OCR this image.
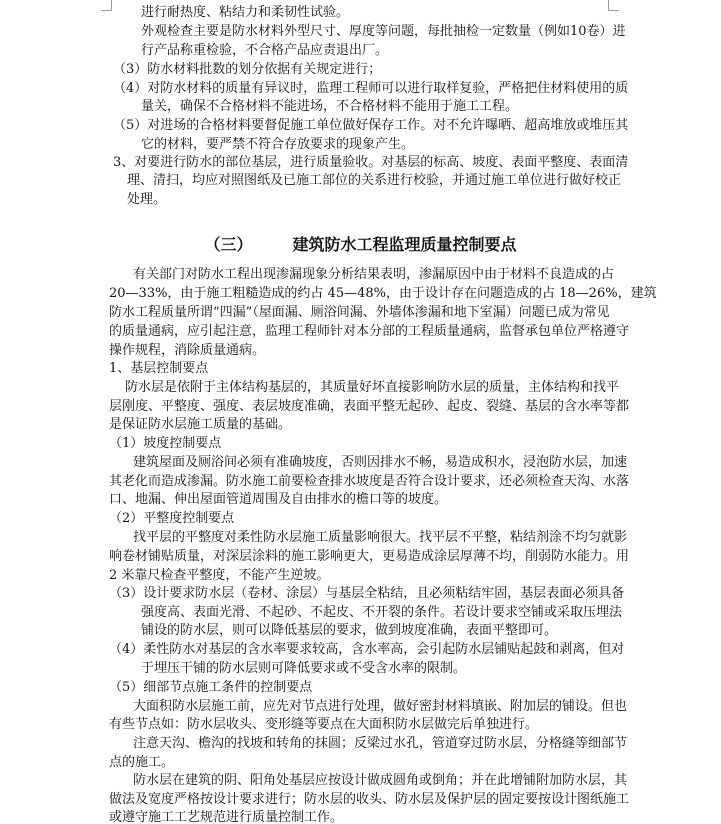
进行耐热度、粘结力和柔韧性试验。
外观检查主要是防水材料外型尺寸、厚度等问题，每批抽检一定数量（例如10卷）进
行产品称重检验，不合格产品应责退出厂。
（3）防水材料批数的划分依据有关规定进行；
（4）对防水材料的质量有异议时，监理工程师可以进行取样复验，严格把住材料使用的质
量关，确保不合格材料不能进场，不合格材料不能用于施工工程。
（5）对进场的合格材料要督促施工单位做好保存工作。对不允许曝晒、超高堆放或堆压其
它的材料，要严禁不符合存放要求的现象产生。
3、对要进行防水的部位基层，进行质量验收。对基层的标高、坡度、表面平整度、表面清
理、清扫，均应对照图纸及已施工部位的关系进行校验，并通过施工单位进行做好校正
处理。
（三）	建筑防水工程监理质量控制要点
有关部门对防水工程出现渗漏现象分析结果表明，渗漏原因中由于材料不良造成的占
20—33%，由于施工粗糙造成的约占 45—48%，由于设计存在问题造成的占 18—26%，建筑
防水工程质量所谓“四漏”（屋面漏、厕浴间漏、外墙体渗漏和地下室漏）问题已成为常见
的质量通病，应引起注意，监理工程师针对本分部的工程质量通病，监督承包单位严格遵守
操作规程，消除质量通病。
1、基层控制要点
防水层是依附于主体结构基层的，其质量好坏直接影响防水层的质量，主体结构和找平
层刚度、平整度、强度、表层坡度准确，表面平整无起砂、起皮、裂缝、基层的含水率等都
是保证防水层施工质量的基础。
（1）坡度控制要点
建筑屋面及厕浴间必须有准确坡度，否则因排水不畅，易造成积水，浸泡防水层，加速
其老化而造成渗漏。防水施工前要检查排水坡度是否符合设计要求，还必须检查天沟、水落
口、地漏、伸出屋面管道周围及自由排水的檐口等的坡度。
（2）平整度控制要点
找平层的平整度对柔性防水层施工质量影响很大。找平层不平整，粘结剂涂不均匀就影
响卷材铺贴质量，对深层涂料的施工影响更大，更易造成涂层厚薄不均，削弱防水能力。用
2 米靠尺检查平整度，不能产生逆坡。
（3）设计要求防水层（卷材、涂层）与基层全粘结，且必须粘结牢固，基层表面必须具备
强度高、表面光滑、不起砂、不起皮、不开裂的条件。若设计要求空铺或采取压埋法
铺设的防水层，则可以降低基层的要求，做到坡度准确，表面平整即可。
（4）柔性防水对基层的含水率要求较高，含水率高，会引起防水层铺贴起鼓和剥离，但对
于埋压干铺的防水层则可降低要求或不受含水率的限制。
（5）细部节点施工条件的控制要点
大面积防水层施工前，应先对节点进行处理，做好密封材料填嵌、附加层的铺设。但也
有些节点如：防水层收头、变形缝等要点在大面积防水层做完后单独进行。
注意天沟、檐沟的找坡和转角的抹圆；反梁过水孔，管道穿过防水层，分格缝等细部节
点的施工。
防水层在建筑的阴、阳角处基层应按设计做成圆角或倒角；并在此增铺附加防水层，其
做法及宽度严格按设计要求进行；防水层的收头、防水层及保护层的固定要按设计图纸施工
或遵守施工工艺规范进行质量控制工作。
